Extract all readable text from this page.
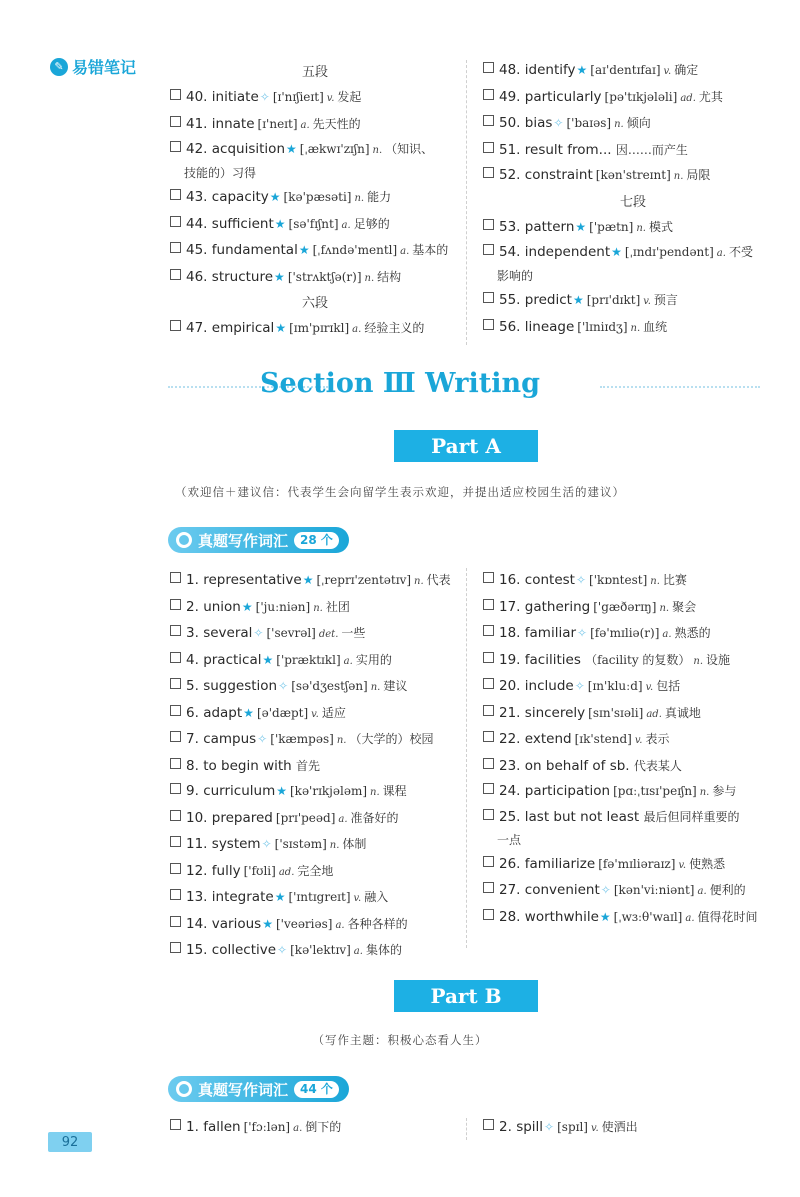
✎ 易错笔记	五段
40. initiate✧ [ɪ'nɪʃieɪt] v. 发起
41. innate [ɪ'neɪt] a. 先天性的
42. acquisition★ [ˌækwɪ'zɪʃn] n. （知识、
技能的）习得
43. capacity★ [kə'pæsəti] n. 能力
44. sufficient★ [sə'fɪʃnt] a. 足够的
45. fundamental★ [ˌfʌndə'mentl] a. 基本的
46. structure★ ['strʌktʃə(r)] n. 结构
六段
47. empirical★ [ɪm'pɪrɪkl] a. 经验主义的
48. identify★ [aɪ'dentɪfaɪ] v. 确定
49. particularly [pə'tɪkjələli] ad. 尤其
50. bias✧ ['baɪəs] n. 倾向
51. result from... 因……而产生
52. constraint [kən'streɪnt] n. 局限
七段
53. pattern★ ['pætn] n. 模式
54. independent★ [ˌɪndɪ'pendənt] a. 不受
影响的
55. predict★ [prɪ'dɪkt] v. 预言
56. lineage ['lɪniɪdʒ] n. 血统
Section Ⅲ Writing
Part A
（欢迎信＋建议信：代表学生会向留学生表示欢迎，并提出适应校园生活的建议）
真题写作词汇	28 个
1. representative★ [ˌreprɪ'zentətɪv] n. 代表
2. union★ ['juːniən] n. 社团
3. several✧ ['sevrəl] det. 一些
4. practical★ ['præktɪkl] a. 实用的
5. suggestion✧ [sə'dʒestʃən] n. 建议
6. adapt★ [ə'dæpt] v. 适应
7. campus✧ ['kæmpəs] n. （大学的）校园
8. to begin with 首先
9. curriculum★ [kə'rɪkjələm] n. 课程
10. prepared [prɪ'peəd] a. 准备好的
11. system✧ ['sɪstəm] n. 体制
12. fully ['fʊli] ad. 完全地
13. integrate★ ['ɪntɪgreɪt] v. 融入
14. various★ ['veəriəs] a. 各种各样的
15. collective✧ [kə'lektɪv] a. 集体的
16. contest✧ ['kɒntest] n. 比赛
17. gathering ['gæðərɪŋ] n. 聚会
18. familiar✧ [fə'mɪliə(r)] a. 熟悉的
19. facilities （facility 的复数） n. 设施
20. include✧ [ɪn'kluːd] v. 包括
21. sincerely [sɪn'sɪəli] ad. 真诚地
22. extend [ɪk'stend] v. 表示
23. on behalf of sb. 代表某人
24. participation [pɑːˌtɪsɪ'peɪʃn] n. 参与
25. last but not least 最后但同样重要的
一点
26. familiarize [fə'mɪliəraɪz] v. 使熟悉
27. convenient✧ [kən'viːniənt] a. 便利的
28. worthwhile★ [ˌwɜːθ'waɪl] a. 值得花时间
Part B
（写作主题：积极心态看人生）
真题写作词汇	44 个
1. fallen ['fɔːlən] a. 倒下的	2. spill✧ [spɪl] v. 使洒出
92
